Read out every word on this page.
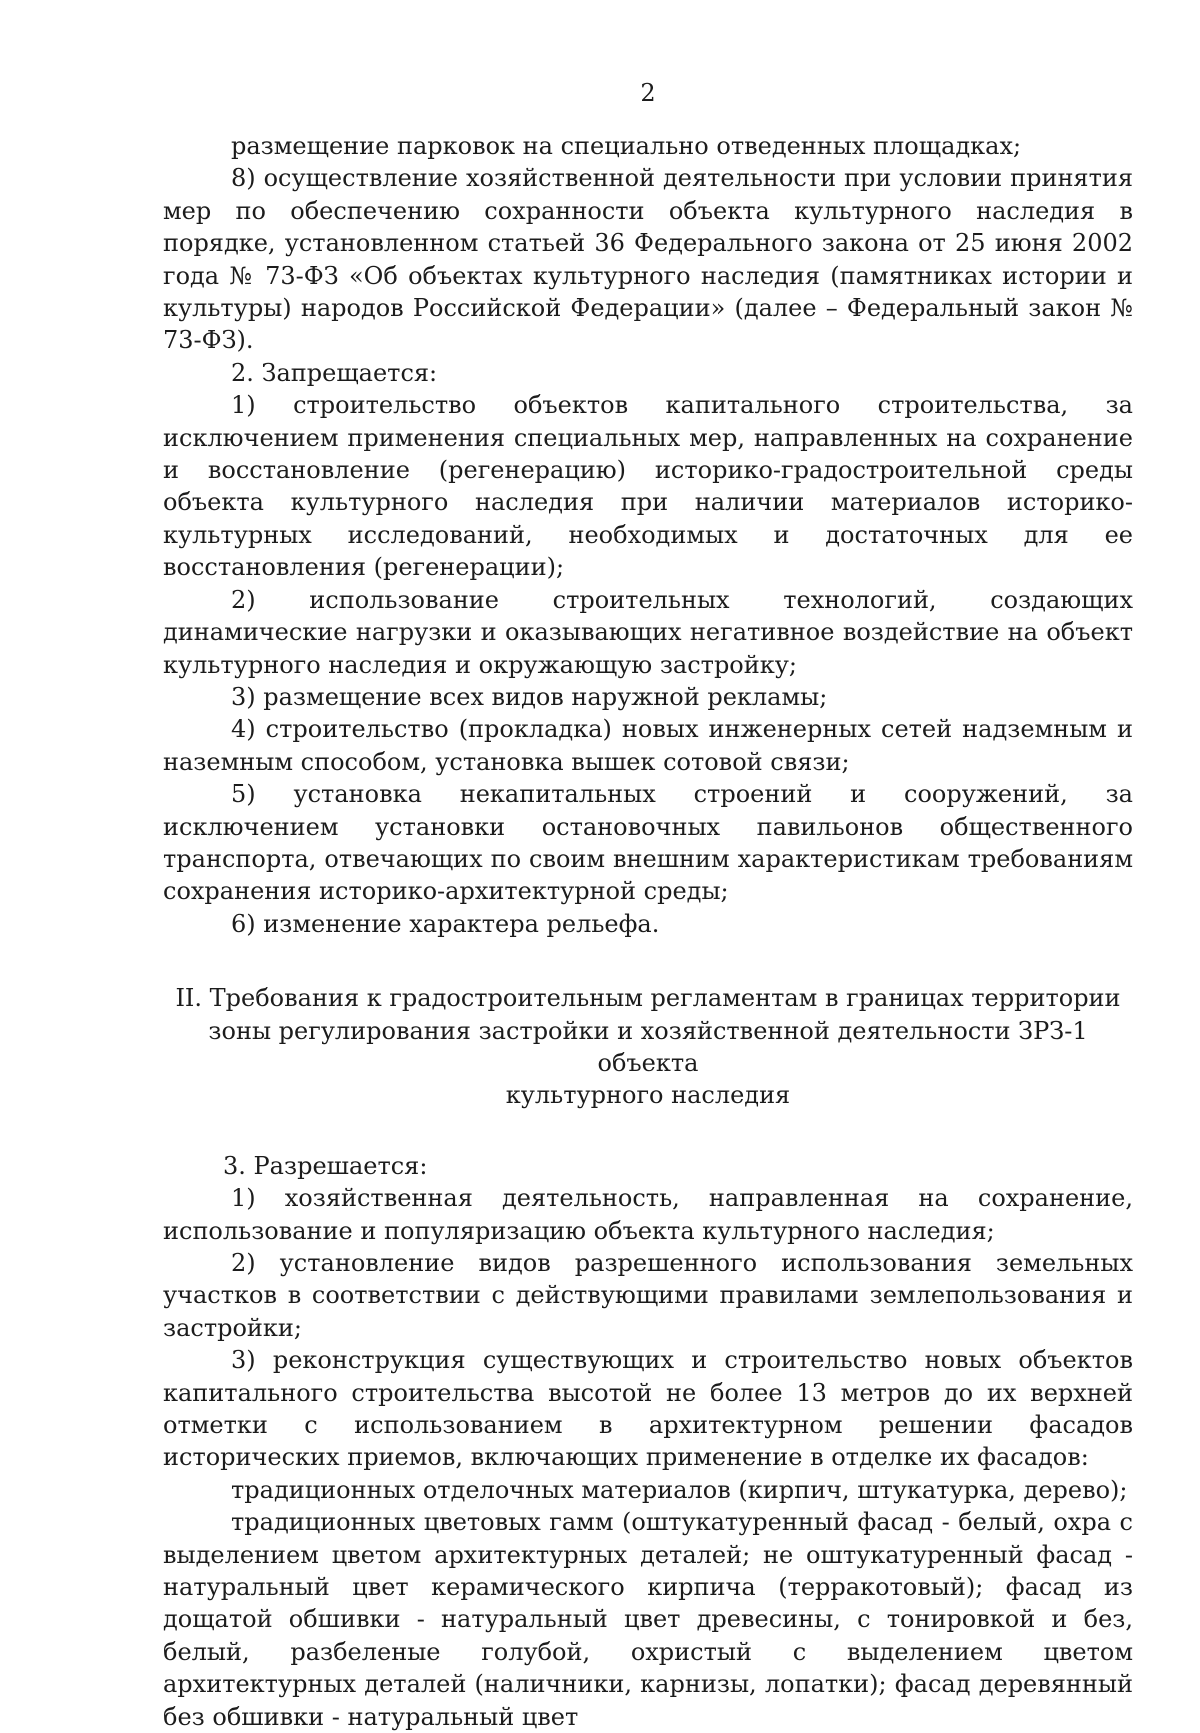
2

размещение парковок на специально отведенных площадках;

8) осуществление хозяйственной деятельности при условии принятия мер по обеспечению сохранности объекта культурного наследия в порядке, установленном статьей 36 Федерального закона от 25 июня 2002 года № 73-ФЗ «Об объектах культурного наследия (памятниках истории и культуры) народов Российской Федерации» (далее – Федеральный закон № 73-ФЗ).

2. Запрещается:

1) строительство объектов капитального строительства, за исключением применения специальных мер, направленных на сохранение и восстановление (регенерацию) историко-градостроительной среды объекта культурного наследия при наличии материалов историко-культурных исследований, необходимых и достаточных для ее восстановления (регенерации);

2) использование строительных технологий, создающих динамические нагрузки и оказывающих негативное воздействие на объект культурного наследия и окружающую застройку;

3) размещение всех видов наружной рекламы;

4) строительство (прокладка) новых инженерных сетей надземным и наземным способом, установка вышек сотовой связи;

5) установка некапитальных строений и сооружений, за исключением установки остановочных павильонов общественного транспорта, отвечающих по своим внешним характеристикам требованиям сохранения историко-архитектурной среды;

6) изменение характера рельефа.

II. Требования к градостроительным регламентам в границах территории
зоны регулирования застройки и хозяйственной деятельности ЗРЗ-1 объекта
культурного наследия

3. Разрешается:

1) хозяйственная деятельность, направленная на сохранение, использование и популяризацию объекта культурного наследия;

2) установление видов разрешенного использования земельных участков в соответствии с действующими правилами землепользования и застройки;

3) реконструкция существующих и строительство новых объектов капитального строительства высотой не более 13 метров до их верхней отметки с использованием в архитектурном решении фасадов исторических приемов, включающих применение в отделке их фасадов:

традиционных отделочных материалов (кирпич, штукатурка, дерево);

традиционных цветовых гамм (оштукатуренный фасад - белый, охра с выделением цветом архитектурных деталей; не оштукатуренный фасад - натуральный цвет керамического кирпича (терракотовый); фасад из дощатой обшивки - натуральный цвет древесины, с тонировкой и без, белый, разбеленые голубой, охристый с выделением цветом архитектурных деталей (наличники, карнизы, лопатки); фасад деревянный без обшивки - натуральный цвет
